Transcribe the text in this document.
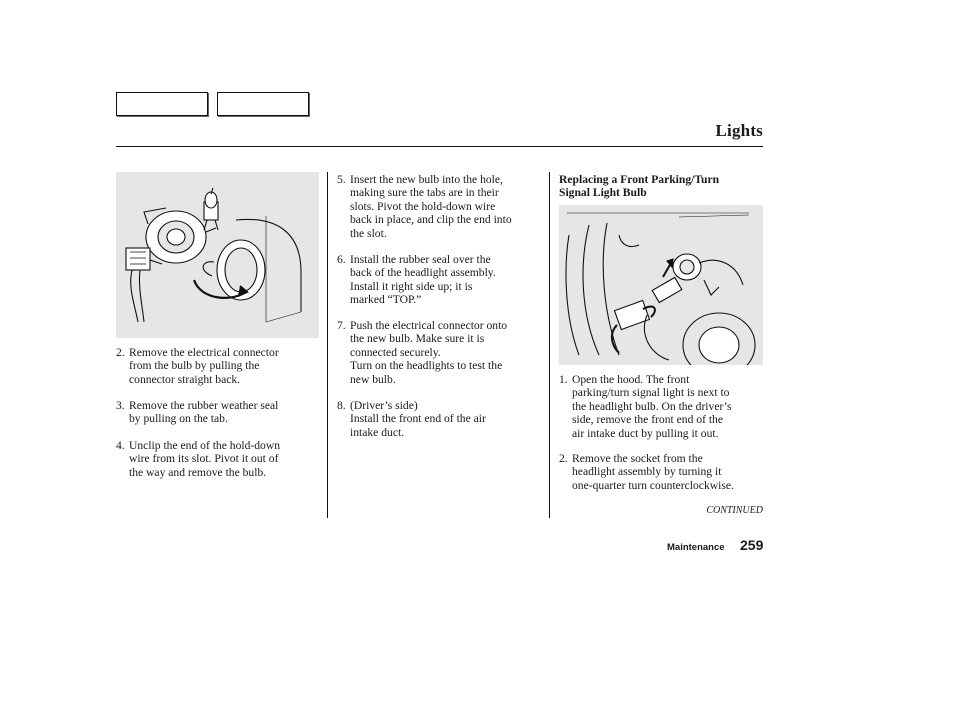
Lights
2. Remove the electrical connector
from the bulb by pulling the
connector straight back.
3. Remove the rubber weather seal
by pulling on the tab.
4. Unclip the end of the hold-down
wire from its slot. Pivot it out of
the way and remove the bulb.
5. Insert the new bulb into the hole,
making sure the tabs are in their
slots. Pivot the hold-down wire
back in place, and clip the end into
the slot.
6. Install the rubber seal over the
back of the headlight assembly.
Install it right side up; it is
marked “TOP.”
7. Push the electrical connector onto
the new bulb. Make sure it is
connected securely.
Turn on the headlights to test the
new bulb.
8. (Driver’s side)
Install the front end of the air
intake duct.
Replacing a Front Parking/Turn
Signal Light Bulb
1. Open the hood. The front
parking/turn signal light is next to
the headlight bulb. On the driver’s
side, remove the front end of the
air intake duct by pulling it out.
2. Remove the socket from the
headlight assembly by turning it
one-quarter turn counterclockwise.
CONTINUED
Maintenance 259
